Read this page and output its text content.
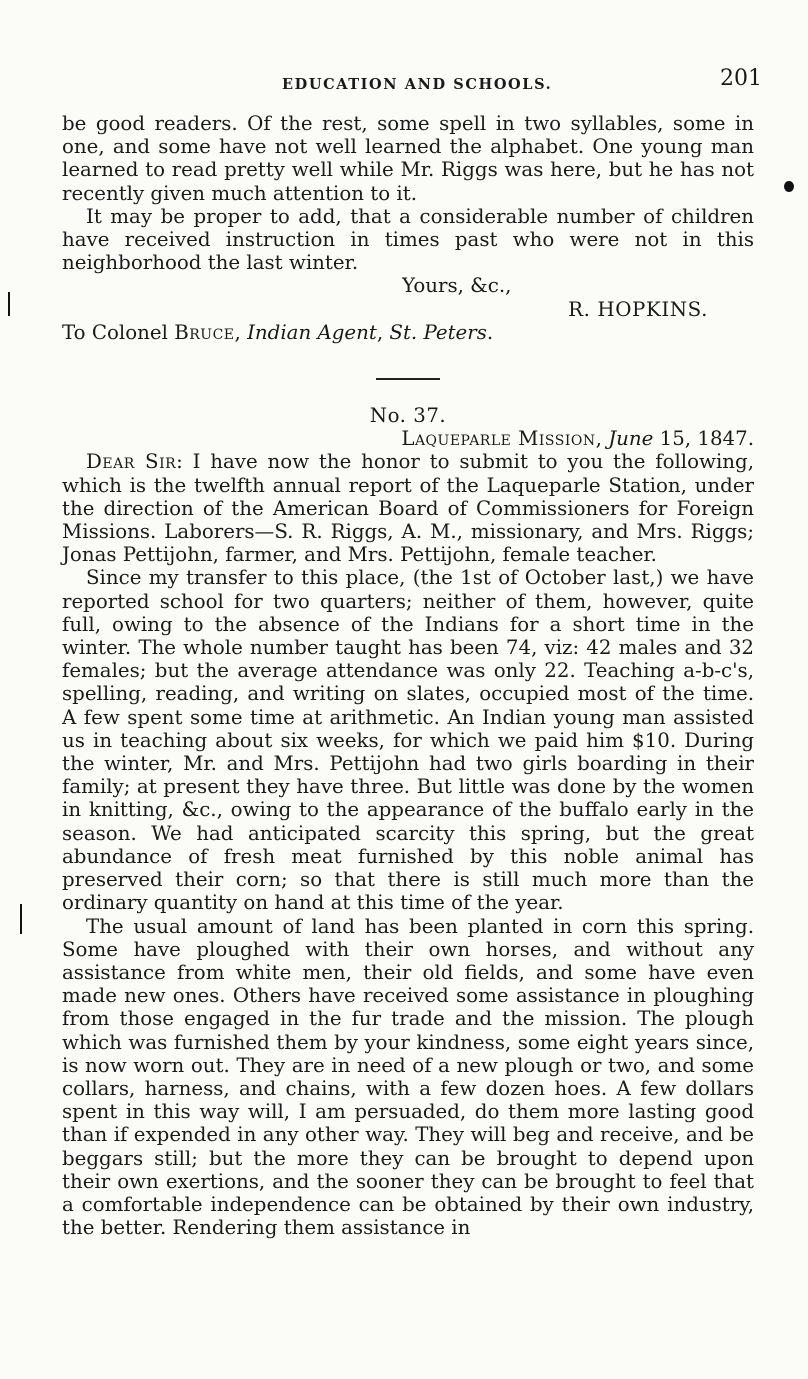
EDUCATION AND SCHOOLS.	201

be good readers. Of the rest, some spell in two syllables, some in one, and some have not well learned the alphabet. One young man learned to read pretty well while Mr. Riggs was here, but he has not recently given much attention to it.

It may be proper to add, that a considerable number of children have received instruction in times past who were not in this neighborhood the last winter.

Yours, &c.,

R. HOPKINS.

To Colonel Bruce, Indian Agent, St. Peters.

No. 37.

Laqueparle Mission, June 15, 1847.

Dear Sir: I have now the honor to submit to you the following, which is the twelfth annual report of the Laqueparle Station, under the direction of the American Board of Commissioners for Foreign Missions. Laborers—S. R. Riggs, A. M., missionary, and Mrs. Riggs; Jonas Pettijohn, farmer, and Mrs. Pettijohn, female teacher.

Since my transfer to this place, (the 1st of October last,) we have reported school for two quarters; neither of them, however, quite full, owing to the absence of the Indians for a short time in the winter. The whole number taught has been 74, viz: 42 males and 32 females; but the average attendance was only 22. Teaching a-b-c's, spelling, reading, and writing on slates, occupied most of the time. A few spent some time at arithmetic. An Indian young man assisted us in teaching about six weeks, for which we paid him $10. During the winter, Mr. and Mrs. Pettijohn had two girls boarding in their family; at present they have three. But little was done by the women in knitting, &c., owing to the appearance of the buffalo early in the season. We had anticipated scarcity this spring, but the great abundance of fresh meat furnished by this noble animal has preserved their corn; so that there is still much more than the ordinary quantity on hand at this time of the year.

The usual amount of land has been planted in corn this spring. Some have ploughed with their own horses, and without any assistance from white men, their old fields, and some have even made new ones. Others have received some assistance in ploughing from those engaged in the fur trade and the mission. The plough which was furnished them by your kindness, some eight years since, is now worn out. They are in need of a new plough or two, and some collars, harness, and chains, with a few dozen hoes. A few dollars spent in this way will, I am persuaded, do them more lasting good than if expended in any other way. They will beg and receive, and be beggars still; but the more they can be brought to depend upon their own exertions, and the sooner they can be brought to feel that a comfortable independence can be obtained by their own industry, the better. Rendering them assistance in
